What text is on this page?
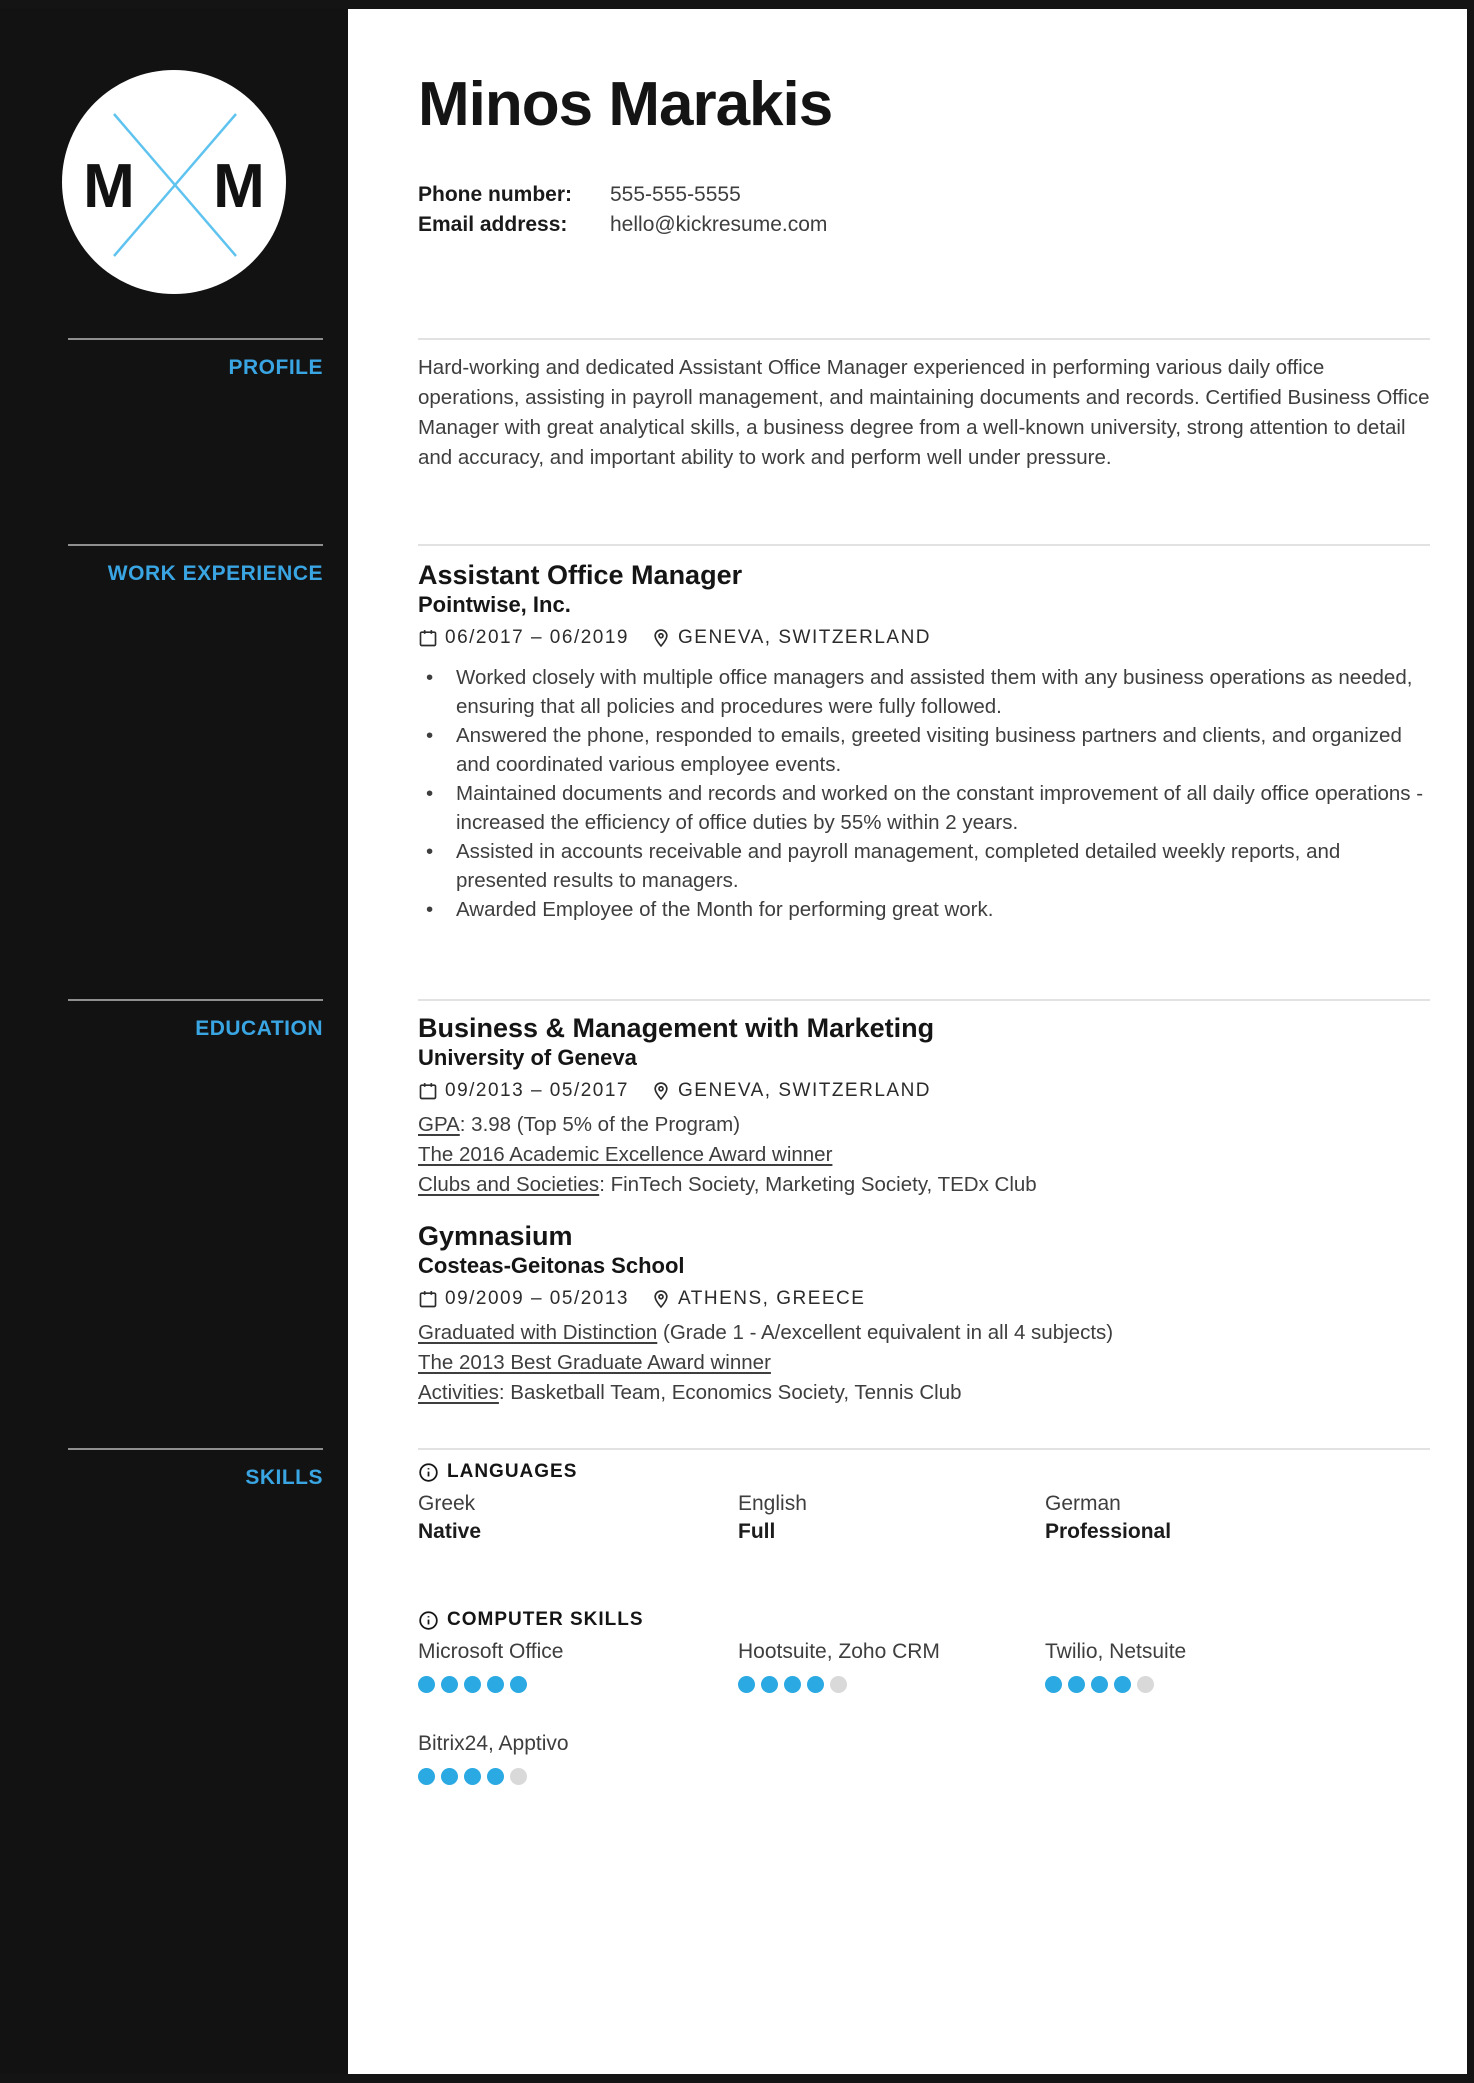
M M
PROFILE
WORK EXPERIENCE
EDUCATION
SKILLS
Minos Marakis
Phone number:	555-555-5555
Email address:	hello@kickresume.com

Hard-working and dedicated Assistant Office Manager experienced in performing various daily office operations, assisting in payroll management, and maintaining documents and records. Certified Business Office Manager with great analytical skills, a business degree from a well-known university, strong attention to detail and accuracy, and important ability to work and perform well under pressure.

Assistant Office Manager
Pointwise, Inc.
06/2017 – 06/2019	GENEVA, SWITZERLAND
• Worked closely with multiple office managers and assisted them with any business operations as needed, ensuring that all policies and procedures were fully followed.
• Answered the phone, responded to emails, greeted visiting business partners and clients, and organized and coordinated various employee events.
• Maintained documents and records and worked on the constant improvement of all daily office operations - increased the efficiency of office duties by 55% within 2 years.
• Assisted in accounts receivable and payroll management, completed detailed weekly reports, and presented results to managers.
• Awarded Employee of the Month for performing great work.
Business & Management with Marketing
University of Geneva
09/2013 – 05/2017	GENEVA, SWITZERLAND
GPA: 3.98 (Top 5% of the Program)
The 2016 Academic Excellence Award winner
Clubs and Societies: FinTech Society, Marketing Society, TEDx Club
Gymnasium
Costeas-Geitonas School
09/2009 – 05/2013	ATHENS, GREECE
Graduated with Distinction (Grade 1 - A/excellent equivalent in all 4 subjects)
The 2013 Best Graduate Award winner
Activities: Basketball Team, Economics Society, Tennis Club
LANGUAGES
Greek
Native
English
Full
German
Professional
COMPUTER SKILLS
Microsoft Office	Hootsuite, Zoho CRM	Twilio, Netsuite
Bitrix24, Apptivo
